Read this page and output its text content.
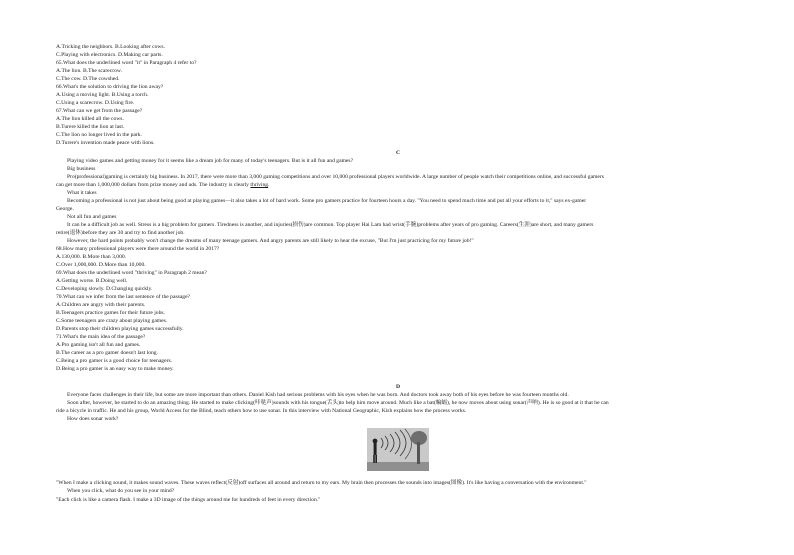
A.Tricking the neighbors. B.Looking after cows.

C.Playing with electronics. D.Making car parts.

65.What does the underlined word "it" in Paragraph 4 refer to?

A.The lion. B.The scarecrow.

C.The cow. D.The cowshed.

66.What's the solution to driving the lion away?

A.Using a moving light. B.Using a torch.

C.Using a scarecrow. D.Using fire.

67.What can we get from the passage?

A.The lion killed all the cows.

B.Turere killed the lion at last.

C.The lion no longer lived in the park.

D.Turere's invention made peace with lions.

C

Playing video games and getting money for it seems like a dream job for many of today's teenagers. But is it all fun and games?

Big business

Pro(professional)gaming is certainly big business. In 2017, there were more than 3,000 gaming competitions and over 10,000 professional players worldwide. A large number of people watch their competitions online, and successful gamers

can get more than 1,000,000 dollars from prize money and ads. The industry is clearly thriving.

What it takes

Becoming a professional is not just about being good at playing games—it also takes a lot of hard work. Some pro gamers practice for fourteen hours a day. "You need to spend much time and put all your efforts to it," says ex-gamer

George.

Not all fun and games

It can be a difficult job as well. Stress is a big problem for gamers. Tiredness is another, and injuries(损伤)are common. Top player Hai Lam had wrist(手腕)problems after years of pro gaming. Careers(生涯)are short, and many gamers

retire(退休)before they are 30 and try to find another job.

However, the hard points probably won't change the dreams of many teenage gamers. And angry parents are still likely to hear the excuse, "But I'm just practicing for my future job!"

68.How many professional players were there around the world in 2017?

A.130,000. B.More than 3,000.

C.Over 1,000,000. D.More than 10,000.

69.What does the underlined word "thriving" in Paragraph 2 mean?

A.Getting worse. B.Doing well.

C.Developing slowly. D.Changing quickly.

70.What can we infer from the last sentence of the passage?

A.Children are angry with their parents.

B.Teenagers practice games for their future jobs.

C.Some teenagers are crazy about playing games.

D.Parents stop their children playing games successfully.

71.What's the main idea of the passage?

A.Pro gaming isn't all fun and games.

B.The career as a pro gamer doesn't last long.

C.Being a pro gamer is a good choice for teenagers.

D.Being a pro gamer is an easy way to make money.

D

Everyone faces challenges in their life, but some are more important than others. Daniel Kish had serious problems with his eyes when he was born. And doctors took away both of his eyes before he was fourteen months old.

Soon after, however, he started to do an amazing thing. He started to make clicking(咔哒声)sounds with his tongue(舌头)to help him move around. Much like a bat(蝙蝠), he now moves about using sonar(声呐). He is so good at it that he can

ride a bicycle in traffic. He and his group, World Access for the Blind, teach others how to use sonar. In this interview with National Geographic, Kish explains how the process works.

How does sonar work?

"When I make a clicking sound, it makes sound waves. These waves reflect(反射)off surfaces all around and return to my ears. My brain then processes the sounds into images(图像). It's like having a conversation with the environment."

When you click, what do you see in your mind?

"Each click is like a camera flash. I make a 3D image of the things around me for hundreds of feet in every direction."
